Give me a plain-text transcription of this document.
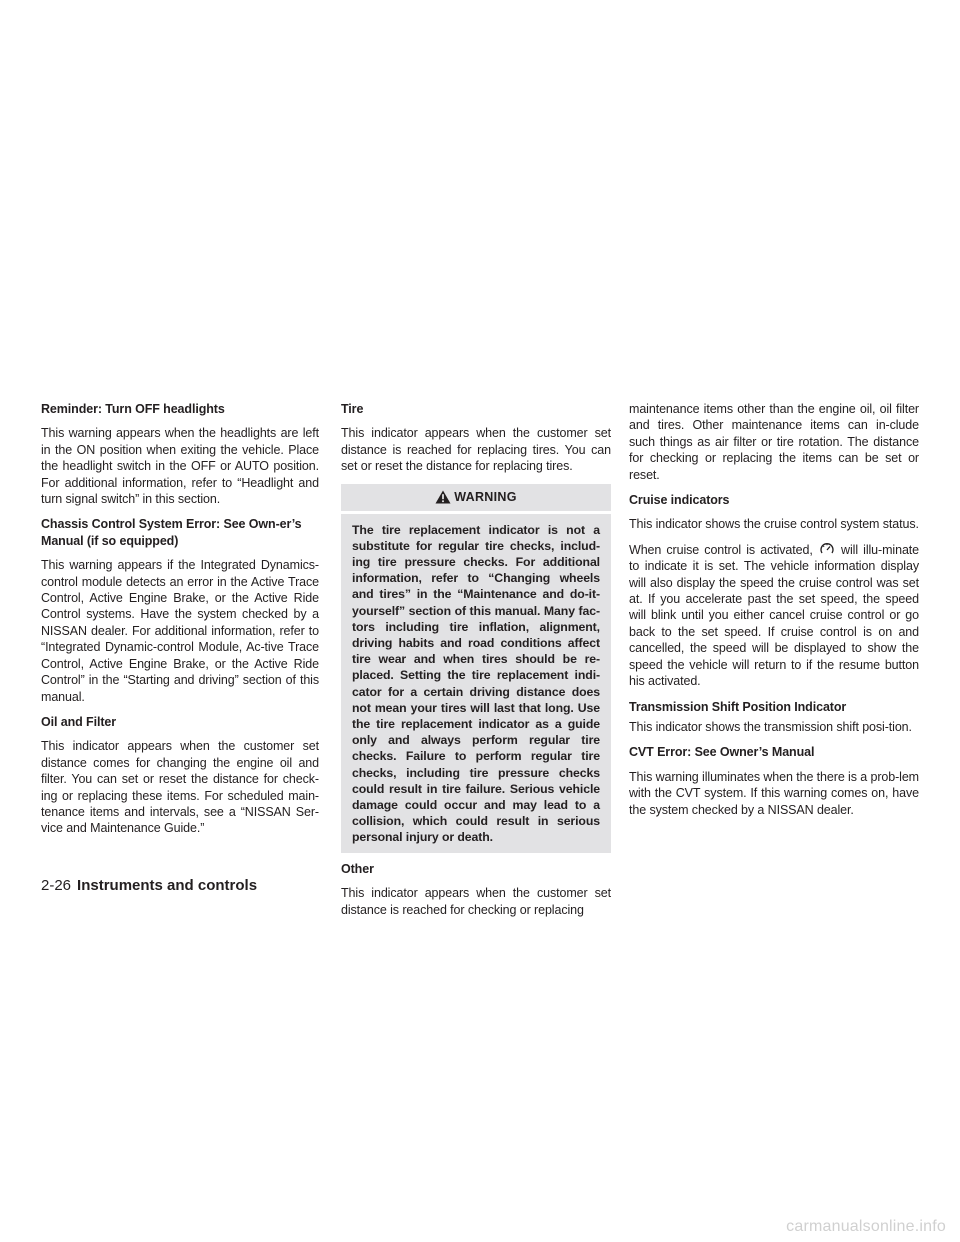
Reminder: Turn OFF headlights
This warning appears when the headlights are left in the ON position when exiting the vehicle. Place the headlight switch in the OFF or AUTO position. For additional information, refer to “Headlight and turn signal switch” in this section.
Chassis Control System Error: See Own-er’s Manual (if so equipped)
This warning appears if the Integrated Dynamics-control module detects an error in the Active Trace Control, Active Engine Brake, or the Active Ride Control systems. Have the system checked by a NISSAN dealer. For additional information, refer to “Integrated Dynamic-control Module, Ac-tive Trace Control, Active Engine Brake, or the Active Ride Control” in the “Starting and driving” section of this manual.
Oil and Filter
This indicator appears when the customer set distance comes for changing the engine oil and filter. You can set or reset the distance for check-ing or replacing these items. For scheduled main-tenance items and intervals, see a “NISSAN Ser-vice and Maintenance Guide.”
Tire
This indicator appears when the customer set distance is reached for replacing tires. You can set or reset the distance for replacing tires.
WARNING
The tire replacement indicator is not a substitute for regular tire checks, includ-ing tire pressure checks. For additional information, refer to “Changing wheels and tires” in the “Maintenance and do-it-yourself” section of this manual. Many fac-tors including tire inflation, alignment, driving habits and road conditions affect tire wear and when tires should be re-placed. Setting the tire replacement indi-cator for a certain driving distance does not mean your tires will last that long. Use the tire replacement indicator as a guide only and always perform regular tire checks. Failure to perform regular tire checks, including tire pressure checks could result in tire failure. Serious vehicle damage could occur and may lead to a collision, which could result in serious personal injury or death.
Other
This indicator appears when the customer set distance is reached for checking or replacing
maintenance items other than the engine oil, oil filter and tires. Other maintenance items can in-clude such things as air filter or tire rotation. The distance for checking or replacing the items can be set or reset.
Cruise indicators
This indicator shows the cruise control system status.
When cruise control is activated, will illu-minate to indicate it is set. The vehicle information display will also display the speed the cruise control was set at. If you accelerate past the set speed, the speed will blink until you either cancel cruise control or go back to the set speed. If cruise control is on and cancelled, the speed will be displayed to show the speed the vehicle will return to if the resume button his activated.
Transmission Shift Position Indicator
This indicator shows the transmission shift posi-tion.
CVT Error: See Owner’s Manual
This warning illuminates when the there is a prob-lem with the CVT system. If this warning comes on, have the system checked by a NISSAN dealer.
2-26 Instruments and controls
carmanualsonline.info
